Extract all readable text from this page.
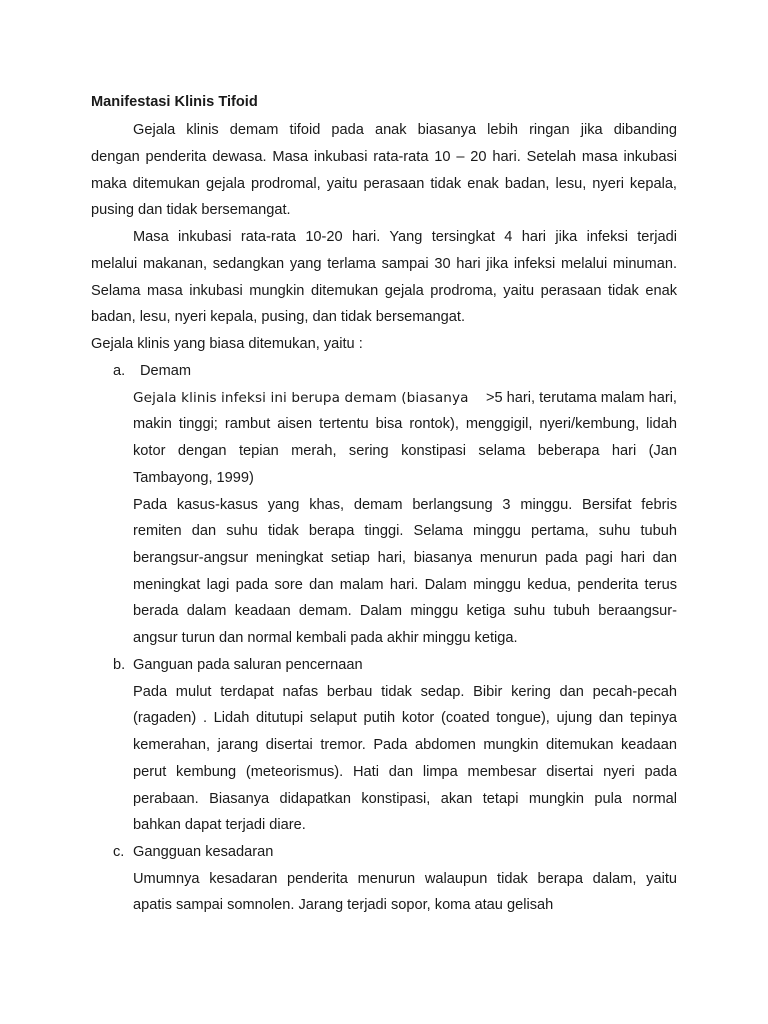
Manifestasi Klinis Tifoid
Gejala klinis demam tifoid pada anak biasanya lebih ringan jika dibanding
dengan penderita dewasa. Masa inkubasi rata-rata 10 – 20 hari. Setelah masa inkubasi
maka ditemukan gejala prodromal, yaitu perasaan tidak enak badan, lesu, nyeri kepala,
pusing dan tidak bersemangat.
Masa inkubasi rata-rata 10-20 hari. Yang tersingkat 4 hari jika infeksi terjadi
melalui makanan, sedangkan yang terlama sampai 30 hari jika infeksi melalui minuman.
Selama masa inkubasi mungkin ditemukan gejala prodroma, yaitu perasaan tidak enak
badan, lesu, nyeri kepala, pusing, dan tidak bersemangat.
Gejala klinis yang biasa ditemukan, yaitu :
a. Demam
Gejala klinis infeksi ini berupa demam (biasanya >5 hari, terutama malam hari,
makin tinggi; rambut aisen tertentu bisa rontok), menggigil, nyeri/kembung, lidah
kotor dengan tepian merah, sering konstipasi selama beberapa hari (Jan
Tambayong, 1999)
Pada kasus-kasus yang khas, demam berlangsung 3 minggu. Bersifat febris
remiten dan suhu tidak berapa tinggi. Selama minggu pertama, suhu tubuh
berangsur-angsur meningkat setiap hari, biasanya menurun pada pagi hari dan
meningkat lagi pada sore dan malam hari. Dalam minggu kedua, penderita terus
berada dalam keadaan demam. Dalam minggu ketiga suhu tubuh beraangsur-
angsur turun dan normal kembali pada akhir minggu ketiga.
b. Ganguan pada saluran pencernaan
Pada mulut terdapat nafas berbau tidak sedap. Bibir kering dan pecah-pecah
(ragaden) . Lidah ditutupi selaput putih kotor (coated tongue), ujung dan tepinya
kemerahan, jarang disertai tremor. Pada abdomen mungkin ditemukan keadaan
perut kembung (meteorismus). Hati dan limpa membesar disertai nyeri pada
perabaan. Biasanya didapatkan konstipasi, akan tetapi mungkin pula normal
bahkan dapat terjadi diare.
c. Gangguan kesadaran
Umumnya kesadaran penderita menurun walaupun tidak berapa dalam, yaitu
apatis sampai somnolen. Jarang terjadi sopor, koma atau gelisah
